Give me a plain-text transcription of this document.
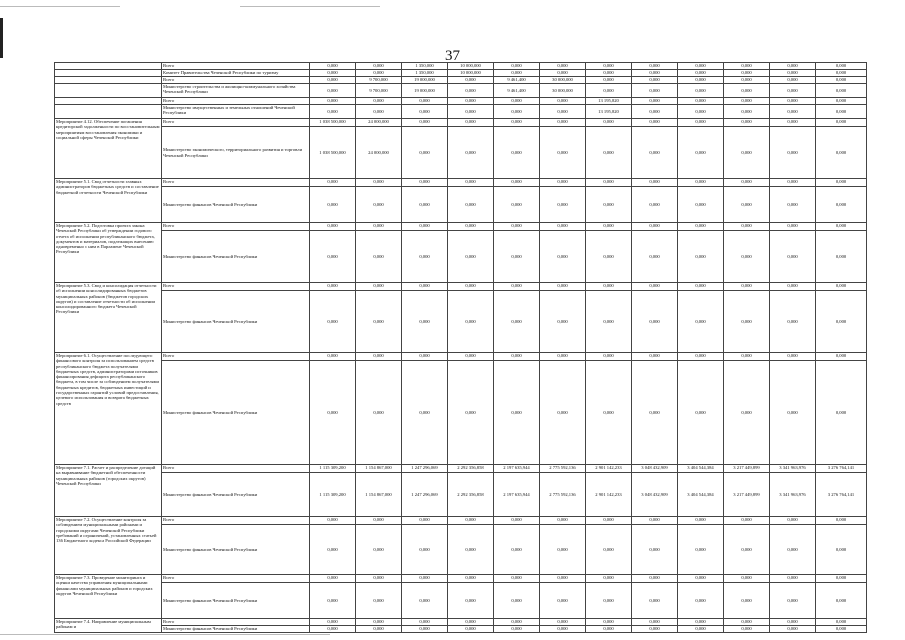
37
	Всего	0,000	0,000	1 350,000	10 000,000	0,000	0,000	0,000	0,000	0,000	0,000	0,000	0,000
	Комитет Правительства Чеченской Республики по туризму	0,000	0,000	1 350,000	10 000,000	0,000	0,000	0,000	0,000	0,000	0,000	0,000	0,000
	Всего	0,000	9 700,000	19 000,000	0,000	9 461,400	30 000,000	0,000	0,000	0,000	0,000	0,000	0,000
	Министерство строительства и жилищно-коммунального хозяйства Чеченской Республики	0,000	9 700,000	19 000,000	0,000	9 461,400	30 000,000	0,000	0,000	0,000	0,000	0,000	0,000
	Всего	0,000	0,000	0,000	0,000	0,000	0,000	13 195,820	0,000	0,000	0,000	0,000	0,000
	Министерство имущественных и земельных отношений Чеченской Республики	0,000	0,000	0,000	0,000	0,000	0,000	13 195,820	0,000	0,000	0,000	0,000	0,000
Мероприятие 4.12. Обеспечение погашения кредиторской задолженности по восстановительным мероприятиям восстановления экономики и социальной сферы Чеченской Республики	Всего	1 038 500,000	24 000,000	0,000	0,000	0,000	0,000	0,000	0,000	0,000	0,000	0,000	0,000
	Министерство экономического, территориального развития и торговли Чеченской Республики	1 038 500,000	24 000,000	0,000	0,000	0,000	0,000	0,000	0,000	0,000	0,000	0,000	0,000
Мероприятие 5.1. Свод отчетности главных администраторов бюджетных средств и составление бюджетной отчетности Чеченской Республики	Всего	0,000	0,000	0,000	0,000	0,000	0,000	0,000	0,000	0,000	0,000	0,000	0,000
	Министерство финансов Чеченской Республики	0,000	0,000	0,000	0,000	0,000	0,000	0,000	0,000	0,000	0,000	0,000	0,000
Мероприятие 5.2. Подготовка проекта закона Чеченской Республики об утверждении годового отчета об исполнении республиканского бюджета, документов и материалов, подлежащих внесению одновременно с ним в Парламент Чеченской Республики	Всего	0,000	0,000	0,000	0,000	0,000	0,000	0,000	0,000	0,000	0,000	0,000	0,000
	Министерство финансов Чеченской Республики	0,000	0,000	0,000	0,000	0,000	0,000	0,000	0,000	0,000	0,000	0,000	0,000
Мероприятие 5.3. Свод и консолидация отчетности об исполнении консолидированных бюджетов муниципальных районов (бюджетов городских округов) и составление отчетности об исполнении консолидированного бюджета Чеченской Республики	Всего	0,000	0,000	0,000	0,000	0,000	0,000	0,000	0,000	0,000	0,000	0,000	0,000
	Министерство финансов Чеченской Республики	0,000	0,000	0,000	0,000	0,000	0,000	0,000	0,000	0,000	0,000	0,000	0,000
Мероприятие 6.1. Осуществление последующего финансового контроля за использованием средств республиканского бюджета получателями бюджетных средств, администраторами источников финансирования дефицита республиканского бюджета, в том числе за соблюдением получателями бюджетных кредитов, бюджетных инвестиций и государственных гарантий условий предоставления, целевого использования и возврата бюджетных средств	Всего	0,000	0,000	0,000	0,000	0,000	0,000	0,000	0,000	0,000	0,000	0,000	0,000
	Министерство финансов Чеченской Республики	0,000	0,000	0,000	0,000	0,000	0,000	0,000	0,000	0,000	0,000	0,000	0,000
Мероприятие 7.1. Расчет и распределение дотаций на выравнивание бюджетной обеспеченности муниципальных районов (городских округов) Чеченской Республики	Всего	1 115 309,200	1 154 867,000	1 247 296,069	2 292 356,858	2 197 635,944	2 775 592,136	2 901 142,233	3 048 432,909	3 404 544,384	3 217 449,899	3 341 963,976	3 276 764,141
	Министерство финансов Чеченской Республики	1 115 309,200	1 154 867,000	1 247 296,069	2 292 356,858	2 197 635,944	2 775 592,136	2 901 142,233	3 048 432,909	3 404 544,384	3 217 449,899	3 341 963,976	3 276 764,141
Мероприятие 7.2. Осуществление контроля за соблюдением муниципальными районами и городскими округами Чеченской Республики требований и ограничений, установленных статьей 136 Бюджетного кодекса Российской Федерации	Всего	0,000	0,000	0,000	0,000	0,000	0,000	0,000	0,000	0,000	0,000	0,000	0,000
	Министерство финансов Чеченской Республики	0,000	0,000	0,000	0,000	0,000	0,000	0,000	0,000	0,000	0,000	0,000	0,000
Мероприятие 7.3. Проведение мониторинга и оценки качества управления муниципальными финансами муниципальных районов и городских округов Чеченской Республики	Всего	0,000	0,000	0,000	0,000	0,000	0,000	0,000	0,000	0,000	0,000	0,000	0,000
	Министерство финансов Чеченской Республики	0,000	0,000	0,000	0,000	0,000	0,000	0,000	0,000	0,000	0,000	0,000	0,000
Мероприятие 7.4. Направление муниципальным районам и	Всего	0,000	0,000	0,000	0,000	0,000	0,000	0,000	0,000	0,000	0,000	0,000	0,000
	Министерство финансов Чеченской Республики	0,000	0,000	0,000	0,000	0,000	0,000	0,000	0,000	0,000	0,000	0,000	0,000
